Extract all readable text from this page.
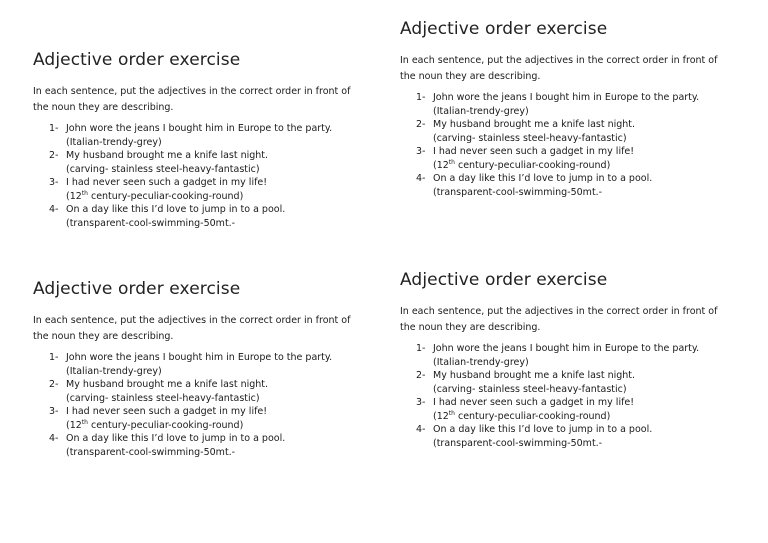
Adjective order exercise

In each sentence, put the adjectives in the correct order in front of the noun they are describing.

1- John wore the jeans I bought him in Europe to the party.
(Italian-trendy-grey)
2- My husband brought me a knife last night.
(carving- stainless steel-heavy-fantastic)
3- I had never seen such a gadget in my life!
(12th century-peculiar-cooking-round)
4- On a day like this I’d love to jump in to a pool.
(transparent-cool-swimming-50mt.-
Adjective order exercise

In each sentence, put the adjectives in the correct order in front of the noun they are describing.

1- John wore the jeans I bought him in Europe to the party.
(Italian-trendy-grey)
2- My husband brought me a knife last night.
(carving- stainless steel-heavy-fantastic)
3- I had never seen such a gadget in my life!
(12th century-peculiar-cooking-round)
4- On a day like this I’d love to jump in to a pool.
(transparent-cool-swimming-50mt.-
Adjective order exercise

In each sentence, put the adjectives in the correct order in front of the noun they are describing.

1- John wore the jeans I bought him in Europe to the party.
(Italian-trendy-grey)
2- My husband brought me a knife last night.
(carving- stainless steel-heavy-fantastic)
3- I had never seen such a gadget in my life!
(12th century-peculiar-cooking-round)
4- On a day like this I’d love to jump in to a pool.
(transparent-cool-swimming-50mt.-
Adjective order exercise

In each sentence, put the adjectives in the correct order in front of the noun they are describing.

1- John wore the jeans I bought him in Europe to the party.
(Italian-trendy-grey)
2- My husband brought me a knife last night.
(carving- stainless steel-heavy-fantastic)
3- I had never seen such a gadget in my life!
(12th century-peculiar-cooking-round)
4- On a day like this I’d love to jump in to a pool.
(transparent-cool-swimming-50mt.-
